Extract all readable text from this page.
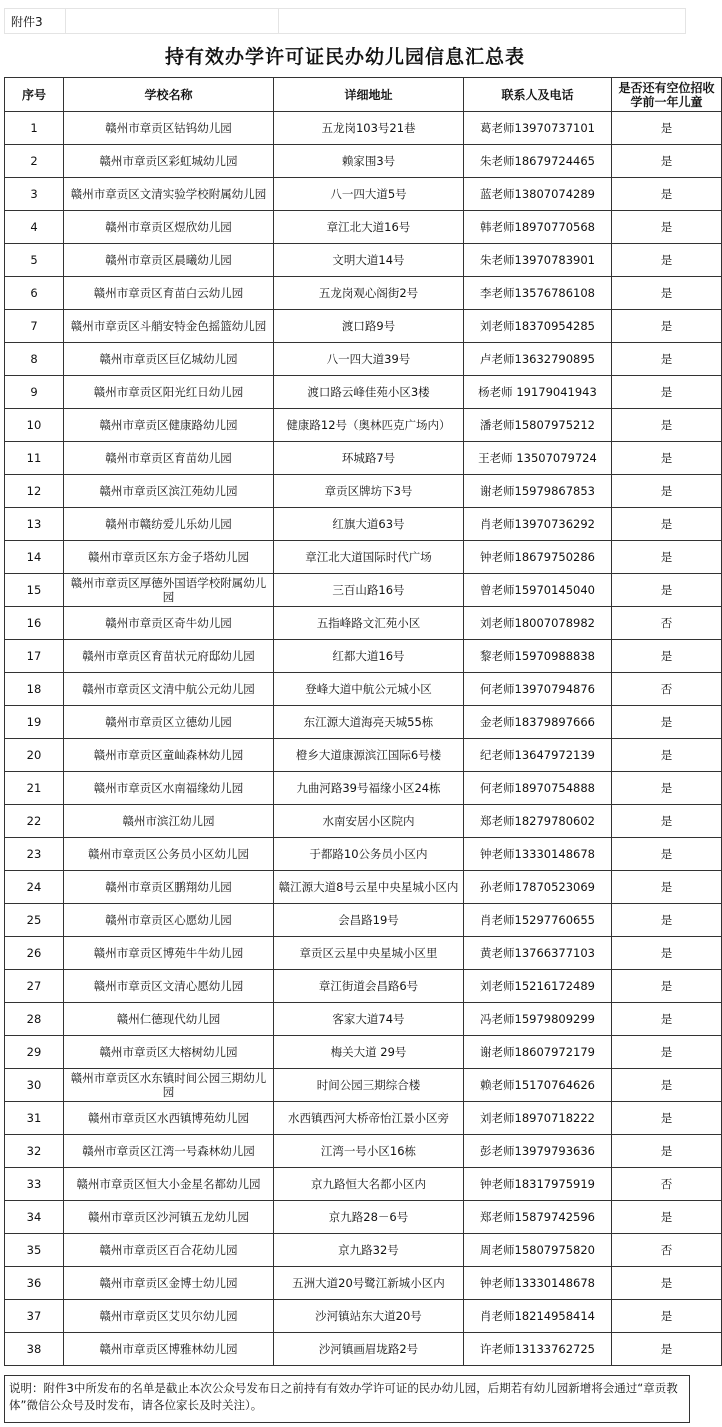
附件3		
持有效办学许可证民办幼儿园信息汇总表
序号	学校名称	详细地址	联系人及电话	是否还有空位招收学前一年儿童
1	赣州市章贡区钴钨幼儿园	五龙岗103号21巷	葛老师13970737101	是
2	赣州市章贡区彩虹城幼儿园	赖家围3号	朱老师18679724465	是
3	赣州市章贡区文清实验学校附属幼儿园	八一四大道5号	蓝老师13807074289	是
4	赣州市章贡区煜欣幼儿园	章江北大道16号	韩老师18970770568	是
5	赣州市章贡区晨曦幼儿园	文明大道14号	朱老师13970783901	是
6	赣州市章贡区育苗白云幼儿园	五龙岗观心阁街2号	李老师13576786108	是
7	赣州市章贡区斗艄安特金色摇篮幼儿园	渡口路9号	刘老师18370954285	是
8	赣州市章贡区巨亿城幼儿园	八一四大道39号	卢老师13632790895	是
9	赣州市章贡区阳光红日幼儿园	渡口路云峰佳苑小区3楼	杨老师 19179041943	是
10	赣州市章贡区健康路幼儿园	健康路12号（奥林匹克广场内）	潘老师15807975212	是
11	赣州市章贡区育苗幼儿园	环城路7号	王老师 13507079724	是
12	赣州市章贡区滨江苑幼儿园	章贡区牌坊下3号	谢老师15979867853	是
13	赣州市赣纺爱儿乐幼儿园	红旗大道63号	肖老师13970736292	是
14	赣州市章贡区东方金子塔幼儿园	章江北大道国际时代广场	钟老师18679750286	是
15	赣州市章贡区厚德外国语学校附属幼儿园	三百山路16号	曾老师15970145040	是
16	赣州市章贡区奇牛幼儿园	五指峰路文汇苑小区	刘老师18007078982	否
17	赣州市章贡区育苗状元府邸幼儿园	红都大道16号	黎老师15970988838	是
18	赣州市章贡区文清中航公元幼儿园	登峰大道中航公元城小区	何老师13970794876	否
19	赣州市章贡区立德幼儿园	东江源大道海亮天城55栋	金老师18379897666	是
20	赣州市章贡区童屾森林幼儿园	橙乡大道康源滨江国际6号楼	纪老师13647972139	是
21	赣州市章贡区水南福缘幼儿园	九曲河路39号福缘小区24栋	何老师18970754888	是
22	赣州市滨江幼儿园	水南安居小区院内	郑老师18279780602	是
23	赣州市章贡区公务员小区幼儿园	于都路10公务员小区内	钟老师13330148678	是
24	赣州市章贡区鹏翔幼儿园	赣江源大道8号云星中央星城小区内	孙老师17870523069	是
25	赣州市章贡区心愿幼儿园	会昌路19号	肖老师15297760655	是
26	赣州市章贡区博苑牛牛幼儿园	章贡区云星中央星城小区里	黄老师13766377103	是
27	赣州市章贡区文清心愿幼儿园	章江街道会昌路6号	刘老师15216172489	是
28	赣州仁德现代幼儿园	客家大道74号	冯老师15979809299	是
29	赣州市章贡区大榕树幼儿园	梅关大道 29号	谢老师18607972179	是
30	赣州市章贡区水东镇时间公园三期幼儿园	时间公园三期综合楼	赖老师15170764626	是
31	赣州市章贡区水西镇博苑幼儿园	水西镇西河大桥帝怡江景小区旁	刘老师18970718222	是
32	赣州市章贡区江湾一号森林幼儿园	江湾一号小区16栋	彭老师13979793636	是
33	赣州市章贡区恒大小金星名都幼儿园	京九路恒大名都小区内	钟老师18317975919	否
34	赣州市章贡区沙河镇五龙幼儿园	京九路28－6号	郑老师15879742596	是
35	赣州市章贡区百合花幼儿园	京九路32号	周老师15807975820	否
36	赣州市章贡区金博士幼儿园	五洲大道20号鹭江新城小区内	钟老师13330148678	是
37	赣州市章贡区艾贝尔幼儿园	沙河镇站东大道20号	肖老师18214958414	是
38	赣州市章贡区博雅林幼儿园	沙河镇画眉垅路2号	许老师13133762725	是
说明：附件3中所发布的名单是截止本次公众号发布日之前持有有效办学许可证的民办幼儿园，后期若有幼儿园新增将会通过“章贡教体”微信公众号及时发布，请各位家长及时关注）。
